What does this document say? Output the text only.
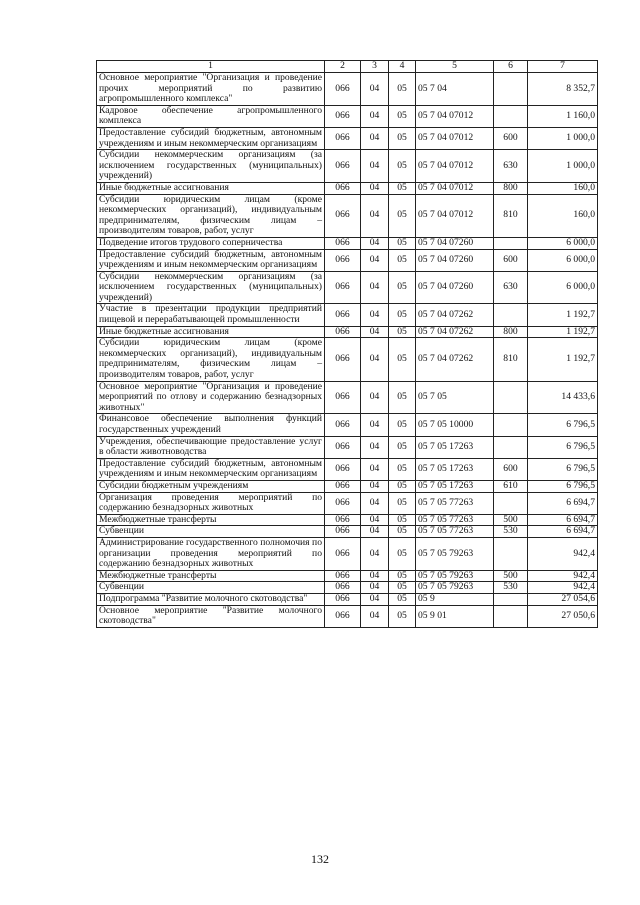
1	2	3	4	5	6	7
Основное мероприятие "Организация и проведение прочих мероприятий по развитию агропромышленного комплекса"	066	04	05	05 7 04		8 352,7
Кадровое обеспечение агропромышленного комплекса	066	04	05	05 7 04 07012		1 160,0
Предоставление субсидий бюджетным, автономным учреждениям и иным некоммерческим организациям	066	04	05	05 7 04 07012	600	1 000,0
Субсидии некоммерческим организациям (за исключением государственных (муниципальных) учреждений)	066	04	05	05 7 04 07012	630	1 000,0
Иные бюджетные ассигнования	066	04	05	05 7 04 07012	800	160,0
Субсидии юридическим лицам (кроме некоммерческих организаций), индивидуальным предпринимателям, физическим лицам – производителям товаров, работ, услуг	066	04	05	05 7 04 07012	810	160,0
Подведение итогов трудового соперничества	066	04	05	05 7 04 07260		6 000,0
Предоставление субсидий бюджетным, автономным учреждениям и иным некоммерческим организациям	066	04	05	05 7 04 07260	600	6 000,0
Субсидии некоммерческим организациям (за исключением государственных (муниципальных) учреждений)	066	04	05	05 7 04 07260	630	6 000,0
Участие в презентации продукции предприятий пищевой и перерабатывающей промышленности	066	04	05	05 7 04 07262		1 192,7
Иные бюджетные ассигнования	066	04	05	05 7 04 07262	800	1 192,7
Субсидии юридическим лицам (кроме некоммерческих организаций), индивидуальным предпринимателям, физическим лицам – производителям товаров, работ, услуг	066	04	05	05 7 04 07262	810	1 192,7
Основное мероприятие "Организация и проведение мероприятий по отлову и содержанию безнадзорных животных"	066	04	05	05 7 05		14 433,6
Финансовое обеспечение выполнения функций государственных учреждений	066	04	05	05 7 05 10000		6 796,5
Учреждения, обеспечивающие предоставление услуг в области животноводства	066	04	05	05 7 05 17263		6 796,5
Предоставление субсидий бюджетным, автономным учреждениям и иным некоммерческим организациям	066	04	05	05 7 05 17263	600	6 796,5
Субсидии бюджетным учреждениям	066	04	05	05 7 05 17263	610	6 796,5
Организация проведения мероприятий по содержанию безнадзорных животных	066	04	05	05 7 05 77263		6 694,7
Межбюджетные трансферты	066	04	05	05 7 05 77263	500	6 694,7
Субвенции	066	04	05	05 7 05 77263	530	6 694,7
Администрирование государственного полномочия по организации проведения мероприятий по содержанию безнадзорных животных	066	04	05	05 7 05 79263		942,4
Межбюджетные трансферты	066	04	05	05 7 05 79263	500	942,4
Субвенции	066	04	05	05 7 05 79263	530	942,4
Подпрограмма "Развитие молочного скотоводства"	066	04	05	05 9		27 054,6
Основное мероприятие "Развитие молочного скотоводства"	066	04	05	05 9 01		27 050,6
132
